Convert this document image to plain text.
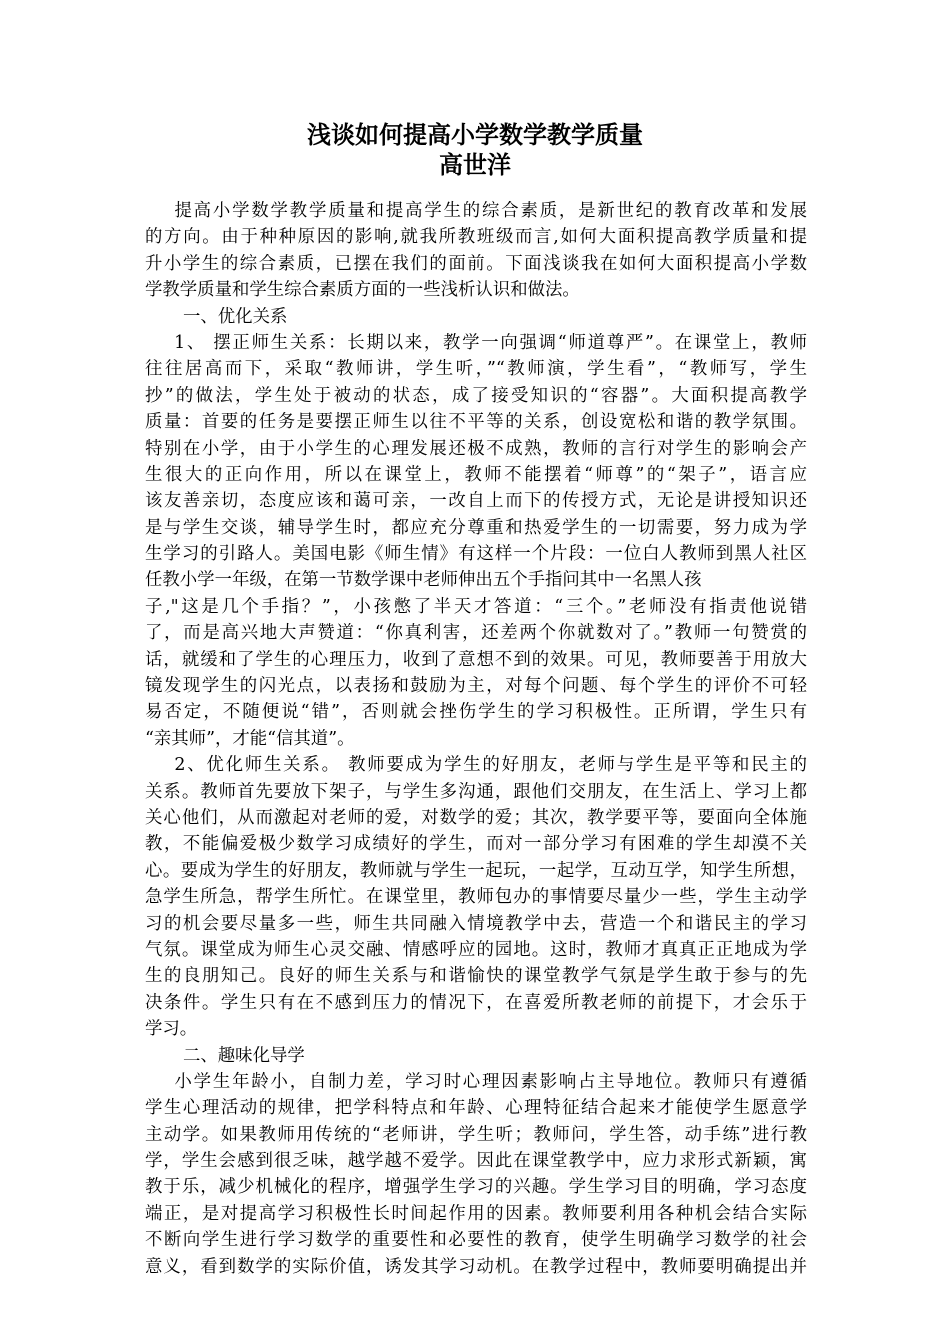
浅谈如何提高小学数学教学质量
高世洋
提高小学数学教学质量和提高学生的综合素质，是新世纪的教育改革和发展
的方向。由于种种原因的影响,就我所教班级而言,如何大面积提高教学质量和提
升小学生的综合素质，已摆在我们的面前。下面浅谈我在如何大面积提高小学数
学教学质量和学生综合素质方面的一些浅析认识和做法。
一、优化关系
1、 摆正师生关系：长期以来，教学一向强调“师道尊严”。在课堂上，教师
往往居高而下，采取“教师讲，学生听，”“教师演，学生看”，“教师写，学生
抄”的做法，学生处于被动的状态，成了接受知识的“容器”。大面积提高教学
质量：首要的任务是要摆正师生以往不平等的关系，创设宽松和谐的教学氛围。
特别在小学，由于小学生的心理发展还极不成熟，教师的言行对学生的影响会产
生很大的正向作用，所以在课堂上，教师不能摆着“师尊”的“架子”，语言应
该友善亲切，态度应该和蔼可亲，一改自上而下的传授方式，无论是讲授知识还
是与学生交谈，辅导学生时，都应充分尊重和热爱学生的一切需要，努力成为学
生学习的引路人。美国电影《师生情》有这样一个片段：一位白人教师到黑人社区
任教小学一年级，在第一节数学课中老师伸出五个手指问其中一名黑人孩
子,"这是几个手指？”，小孩憋了半天才答道：“三个。”老师没有指责他说错
了，而是高兴地大声赞道：“你真利害，还差两个你就数对了。”教师一句赞赏的
话，就缓和了学生的心理压力，收到了意想不到的效果。可见，教师要善于用放大
镜发现学生的闪光点，以表扬和鼓励为主，对每个问题、每个学生的评价不可轻
易否定，不随便说“错”，否则就会挫伤学生的学习积极性。正所谓，学生只有
“亲其师”，才能“信其道”。
2、优化师生关系。 教师要成为学生的好朋友，老师与学生是平等和民主的
关系。教师首先要放下架子，与学生多沟通，跟他们交朋友，在生活上、学习上都
关心他们，从而激起对老师的爱，对数学的爱；其次，教学要平等，要面向全体施
教，不能偏爱极少数学习成绩好的学生，而对一部分学习有困难的学生却漠不关
心。要成为学生的好朋友，教师就与学生一起玩，一起学，互动互学，知学生所想，
急学生所急，帮学生所忙。在课堂里，教师包办的事情要尽量少一些，学生主动学
习的机会要尽量多一些，师生共同融入情境教学中去，营造一个和谐民主的学习
气氛。课堂成为师生心灵交融、情感呼应的园地。这时，教师才真真正正地成为学
生的良朋知己。良好的师生关系与和谐愉快的课堂教学气氛是学生敢于参与的先
决条件。学生只有在不感到压力的情况下，在喜爱所教老师的前提下，才会乐于
学习。
二、趣味化导学
小学生年龄小，自制力差，学习时心理因素影响占主导地位。教师只有遵循
学生心理活动的规律，把学科特点和年龄、心理特征结合起来才能使学生愿意学
主动学。如果教师用传统的“老师讲，学生听；教师问，学生答，动手练”进行教
学，学生会感到很乏味，越学越不爱学。因此在课堂教学中，应力求形式新颖，寓
教于乐，减少机械化的程序，增强学生学习的兴趣。学生学习目的明确，学习态度
端正，是对提高学习积极性长时间起作用的因素。教师要利用各种机会结合实际
不断向学生进行学习数学的重要性和必要性的教育，使学生明确学习数学的社会
意义，看到数学的实际价值，诱发其学习动机。在教学过程中，教师要明确提出并
